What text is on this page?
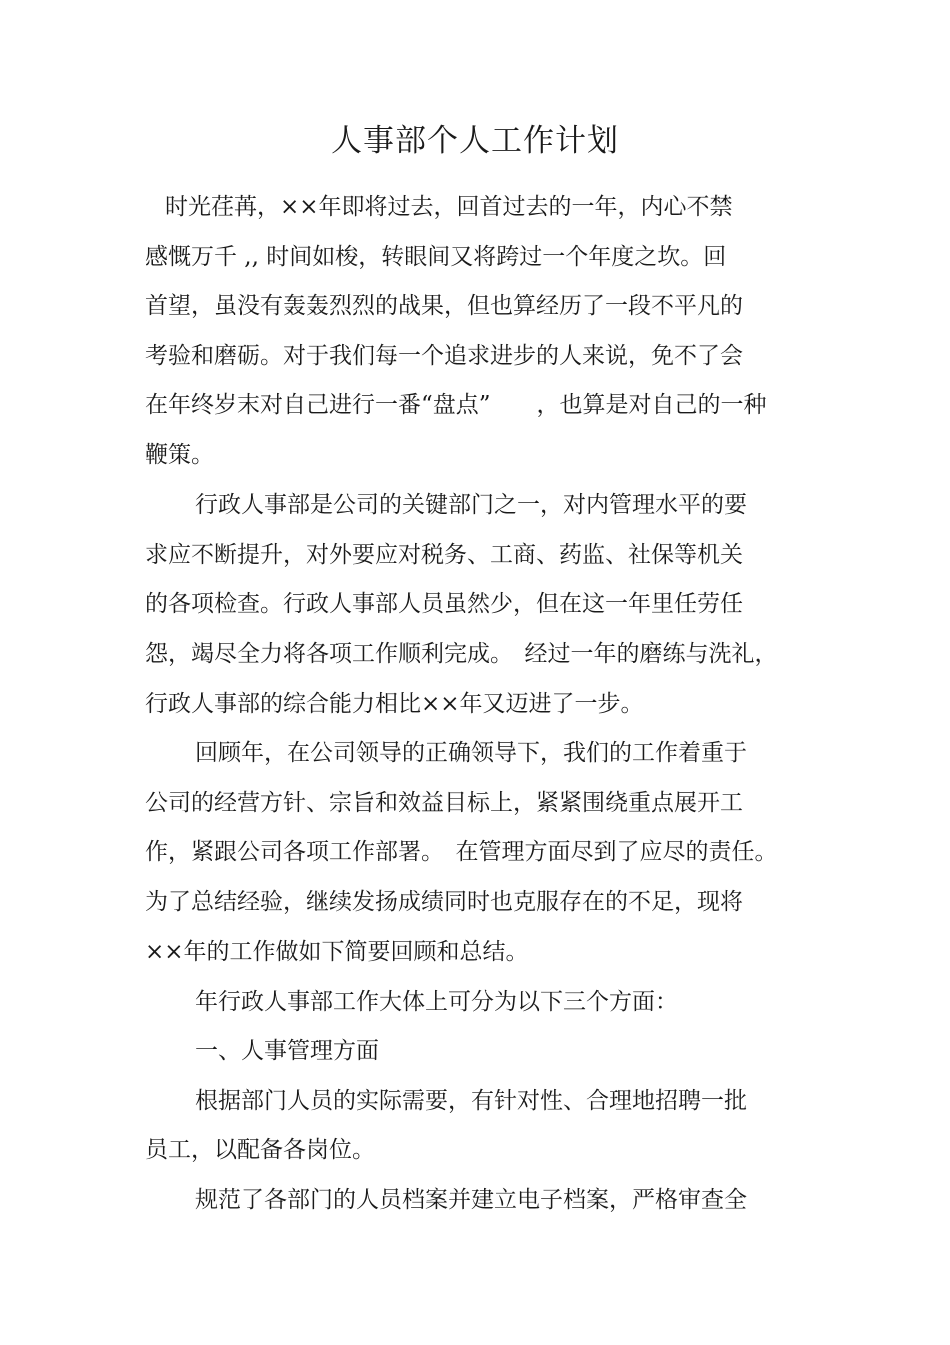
人事部个人工作计划

时光荏苒，××年即将过去，回首过去的一年，内心不禁

感慨万千 ,, 时间如梭，转眼间又将跨过一个年度之坎。回

首望，虽没有轰轰烈烈的战果，但也算经历了一段不平凡的

考验和磨砺。对于我们每一个追求进步的人来说，免不了会

在年终岁末对自己进行一番“盘点”　　，也算是对自己的一种

鞭策。

行政人事部是公司的关键部门之一，对内管理水平的要

求应不断提升，对外要应对税务、工商、药监、社保等机关

的各项检查。行政人事部人员虽然少，但在这一年里任劳任

怨，竭尽全力将各项工作顺利完成。　经过一年的磨练与洗礼，

行政人事部的综合能力相比××年又迈进了一步。

回顾年，在公司领导的正确领导下，我们的工作着重于

公司的经营方针、宗旨和效益目标上，紧紧围绕重点展开工

作，紧跟公司各项工作部署。　在管理方面尽到了应尽的责任。

为了总结经验，继续发扬成绩同时也克服存在的不足，现将

××年的工作做如下简要回顾和总结。

年行政人事部工作大体上可分为以下三个方面：

一、人事管理方面

根据部门人员的实际需要，有针对性、合理地招聘一批

员工，以配备各岗位。

规范了各部门的人员档案并建立电子档案，严格审查全
